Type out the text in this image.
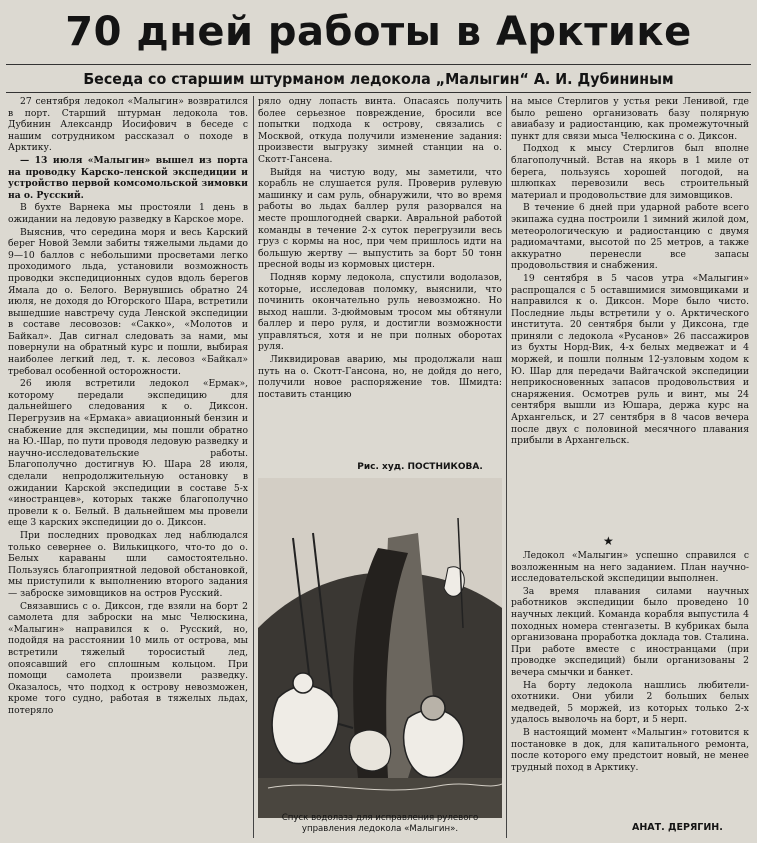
70 дней работы в Арктике
Беседа со старшим штурманом ледокола „Малыгин“ А. И. Дубининым

27 сентября ледокол «Малыгин» возвратился в порт. Старший штурман ледокола тов. Дубинин Александр Иосифович в беседе с нашим сотрудником рассказал о походе в Арктику.

— 13 июля «Малыгин» вышел из порта на проводку Карско-ленской экспедиции и устройство первой комсомольской зимовки на о. Русский.

В бухте Варнека мы простояли 1 день в ожидании на ледовую разведку в Карское море.

Выяснив, что середина моря и весь Карский берег Новой Земли забиты тяжелыми льдами до 9—10 баллов с небольшими просветами легко проходимого льда, установили возможность проводки экспедиционных судов вдоль берегов Ямала до о. Белого. Вернувшись обратно 24 июля, не доходя до Югорского Шара, встретили вышедшие навстречу суда Ленской экспедиции в составе лесовозов: «Сакко», «Молотов и Байкал». Дав сигнал следовать за нами, мы повернули на обратный курс и пошли, выбирая наиболее легкий лед, т. к. лесовоз «Байкал» требовал особенной осторожности.

26 июля встретили ледокол «Ермак», которому передали экспедицию для дальнейшего следования к о. Диксон. Перегрузив на «Ермака» авиационный бензин и снабжение для экспедиции, мы пошли обратно на Ю.-Шар, по пути проводя ледовую разведку и научно-исследовательские работы. Благополучно достигнув Ю. Шара 28 июля, сделали непродолжительную остановку в ожидании Карской экспедиции в составе 5-х «иностранцев», которых также благополучно провели к о. Белый. В дальнейшем мы провели еще 3 карских экспедиции до о. Диксон.

При последних проводках лед наблюдался только севернее о. Вилькицкого, что-то до о. Белых караваны шли самостоятельно. Пользуясь благоприятной ледовой обстановкой, мы приступили к выполнению второго задания — заброске зимовщиков на остров Русский.

Связавшись с о. Диксон, где взяли на борт 2 самолета для заброски на мыс Челюскина, «Малыгин» направился к о. Русский, но, подойдя на расстоянии 10 миль от острова, мы встретили тяжелый торосистый лед, опоясавший его сплошным кольцом. При помощи самолета произвели разведку. Оказалось, что подход к острову невозможен, кроме того судно, работая в тяжелых льдах, потеряло

ряло одну лопасть винта. Опасаясь получить более серьезное повреждение, бросили все попытки подхода к острову, связались с Москвой, откуда получили изменение задания: произвести выгрузку зимней станции на о. Скотт-Гансена.

Выйдя на чистую воду, мы заметили, что корабль не слушается руля. Проверив рулевую машинку и сам руль, обнаружили, что во время работы во льдах баллер руля разорвался на месте прошлогодней сварки. Авральной работой команды в течение 2-х суток перегрузили весь груз с кормы на нос, при чем пришлось идти на большую жертву — выпустить за борт 50 тонн пресной воды из кормовых цистерн.

Подняв корму ледокола, спустили водолазов, которые, исследовав поломку, выяснили, что починить окончательно руль невозможно. Но выход нашли. 3-дюймовым тросом мы обтянули баллер и перо руля, и достигли возможности управляться, хотя и не при полных оборотах руля.

Ликвидировав аварию, мы продолжали наш путь на о. Скотт-Гансона, но, не дойдя до него, получили новое распоряжение тов. Шмидта: поставить станцию

Рис. худ. ПОСТНИКОВА.
Спуск водолаза для исправления рулевого управления ледокола «Малыгин».

на мысе Стерлигов у устья реки Ленивой, где было решено организовать базу полярную авиабазу и радиостанцию, как промежуточный пункт для связи мыса Челюскина с о. Диксон.

Подход к мысу Стерлигов был вполне благополучный. Встав на якорь в 1 миле от берега, пользуясь хорошей погодой, на шлюпках перевозили весь строительный материал и продовольствие для зимовщиков.

В течение 6 дней при ударной работе всего экипажа судна построили 1 зимний жилой дом, метеорологическую и радиостанцию с двумя радиомачтами, высотой по 25 метров, а также аккуратно перенесли все запасы продовольствия и снабжения.

19 сентября в 5 часов утра «Малыгин» распрощался с 5 оставшимися зимовщиками и направился к о. Диксон. Море было чисто. Последние льды встретили у о. Арктического института. 20 сентября были у Диксона, где приняли с ледокола «Русанов» 26 пассажиров из бухты Норд-Вик, 4-х белых медвежат и 4 моржей, и пошли полным 12-узловым ходом к Ю. Шар для передачи Вайгачской экспедиции неприкосновенных запасов продовольствия и снаряжения. Осмотрев руль и винт, мы 24 сентября вышли из Юшара, держа курс на Архангельск, и 27 сентября в 8 часов вечера после двух с половиной месячного плавания прибыли в Архангельск.

★

Ледокол «Малыгин» успешно справился с возложенным на него заданием. План научно-исследовательской экспедиции выполнен.

За время плавания силами научных работников экспедиции было проведено 10 научных лекций. Команда корабля выпустила 4 походных номера стенгазеты. В кубриках была организована проработка доклада тов. Сталина. При работе вместе с иностранцами (при проводке экспедиций) были организованы 2 вечера смычки и банкет.

На борту ледокола нашлись любители-охотники. Они убили 2 больших белых медведей, 5 моржей, из которых только 2-х удалось выволочь на борт, и 5 нерп.

В настоящий момент «Малыгин» готовится к постановке в док, для капитального ремонта, после которого ему предстоит новый, не менее трудный поход в Арктику.

АНАТ. ДЕРЯГИН.
